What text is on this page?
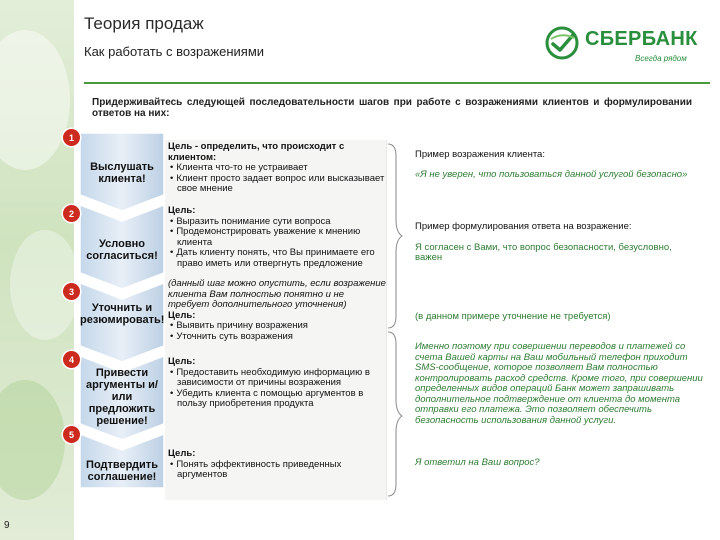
Теория продаж
Как работать с возражениями
СБЕРБАНК
Всегда рядом
Придерживайтесь следующей последовательности шагов при работе с возражениями клиентов и формулировании ответов на них:
1
2
3
4
5
Выслушать клиента!
Условно согласиться!
Уточнить и резюмировать!
Привести аргументы и/или предложить решение!
Подтвердить соглашение!
Цель - определить, что происходит с клиентом:
• Клиента что-то не устраивает
• Клиент просто задает вопрос или высказывает свое мнение
Цель:
• Выразить понимание сути вопроса
• Продемонстрировать уважение к мнению клиента
• Дать клиенту понять, что Вы принимаете его право иметь или отвергнуть предложение
(данный шаг можно опустить, если возражение клиента Вам полностью понятно и не требует дополнительного уточнения)
Цель:
• Выявить причину возражения
• Уточнить суть возражения
Цель:
• Предоставить необходимую информацию в зависимости от причины возражения
• Убедить клиента с помощью аргументов в пользу приобретения продукта
Цель:
• Понять эффективность приведенных аргументов
Пример возражения клиента:
«Я не уверен, что пользоваться данной услугой безопасно»
Пример формулирования ответа на возражение:
Я согласен с Вами, что вопрос безопасности, безусловно, важен
(в данном примере уточнение не требуется)
Именно поэтому при совершении переводов и платежей со счета Вашей карты на Ваш мобильный телефон приходит SMS-сообщение, которое позволяет Вам полностью контролировать расход средств. Кроме того, при совершении определенных видов операций Банк может запрашивать дополнительное подтверждение от клиента до момента отправки его платежа. Это позволяет обеспечить безопасность использования данной услуги.
Я ответил на Ваш вопрос?
9
